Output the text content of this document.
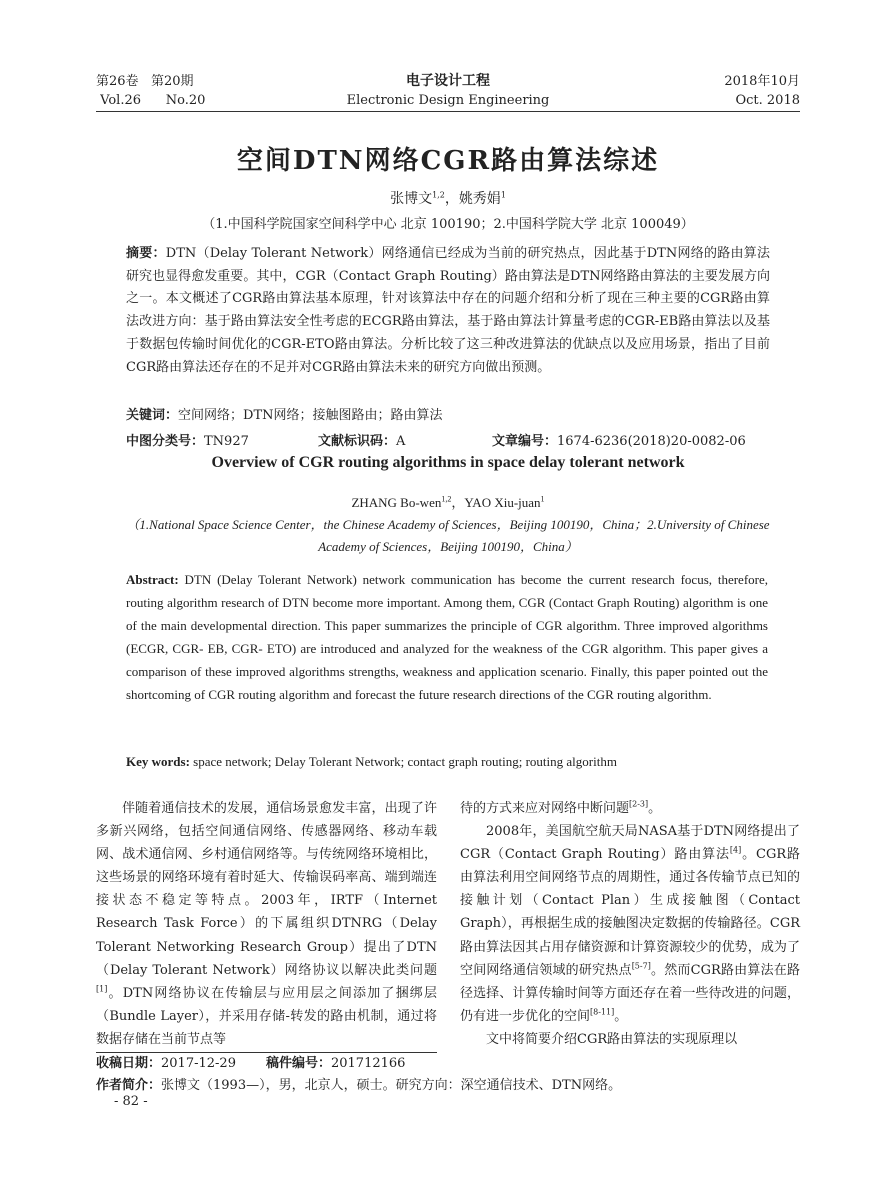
第26卷 第20期
Vol.26 No.20
电子设计工程
Electronic Design Engineering
2018年10月
Oct. 2018
空间DTN网络CGR路由算法综述
张博文$^{1,2}$，姚秀娟$^1$
（1.中国科学院国家空间科学中心 北京 100190；2.中国科学院大学 北京 100049）
摘要：DTN（Delay Tolerant Network）网络通信已经成为当前的研究热点，因此基于DTN网络的路由算法研究也显得愈发重要。其中，CGR（Contact Graph Routing）路由算法是DTN网络路由算法的主要发展方向之一。本文概述了CGR路由算法基本原理，针对该算法中存在的问题介绍和分析了现在三种主要的CGR路由算法改进方向：基于路由算法安全性考虑的ECGR路由算法，基于路由算法计算量考虑的CGR-EB路由算法以及基于数据包传输时间优化的CGR-ETO路由算法。分析比较了这三种改进算法的优缺点以及应用场景，指出了目前CGR路由算法还存在的不足并对CGR路由算法未来的研究方向做出预测。
关键词：空间网络；DTN网络；接触图路由；路由算法
中图分类号：TN927	文献标识码：A	文章编号：1674-6236(2018)20-0082-06
Overview of CGR routing algorithms in space delay tolerant network
ZHANG Bo-wen$^{1,2}$，YAO Xiu-juan$^1$
（1.National Space Science Center，the Chinese Academy of Sciences，Beijing 100190，China；2.University of Chinese Academy of Sciences，Beijing 100190，China）
Abstract: DTN (Delay Tolerant Network) network communication has become the current research focus, therefore, routing algorithm research of DTN become more important. Among them, CGR (Contact Graph Routing) algorithm is one of the main developmental direction. This paper summarizes the principle of CGR algorithm. Three improved algorithms (ECGR, CGR- EB, CGR- ETO) are introduced and analyzed for the weakness of the CGR algorithm. This paper gives a comparison of these improved algorithms strengths, weakness and application scenario. Finally, this paper pointed out the shortcoming of CGR routing algorithm and forecast the future research directions of the CGR routing algorithm.
Key words: space network; Delay Tolerant Network; contact graph routing; routing algorithm

伴随着通信技术的发展，通信场景愈发丰富，出现了许多新兴网络，包括空间通信网络、传感器网络、移动车载网、战术通信网、乡村通信网络等。与传统网络环境相比，这些场景的网络环境有着时延大、传输误码率高、端到端连接状态不稳定等特点。2003年，IRTF（Internet Research Task Force）的下属组织DTNRG（Delay Tolerant Networking Research Group）提出了DTN（Delay Tolerant Network）网络协议以解决此类问题[1]。DTN网络协议在传输层与应用层之间添加了捆绑层（Bundle Layer），并采用存储-转发的路由机制，通过将数据存储在当前节点等

待的方式来应对网络中断问题[2-3]。

2008年，美国航空航天局NASA基于DTN网络提出了CGR（Contact Graph Routing）路由算法[4]。CGR路由算法利用空间网络节点的周期性，通过各传输节点已知的接触计划（Contact Plan）生成接触图（Contact Graph），再根据生成的接触图决定数据的传输路径。CGR路由算法因其占用存储资源和计算资源较少的优势，成为了空间网络通信领域的研究热点[5-7]。然而CGR路由算法在路径选择、计算传输时间等方面还存在着一些待改进的问题，仍有进一步优化的空间[8-11]。

文中将简要介绍CGR路由算法的实现原理以

收稿日期：2017-12-29 稿件编号：201712166
作者简介：张博文（1993—），男，北京人，硕士。研究方向：深空通信技术、DTN网络。
- 82 -
